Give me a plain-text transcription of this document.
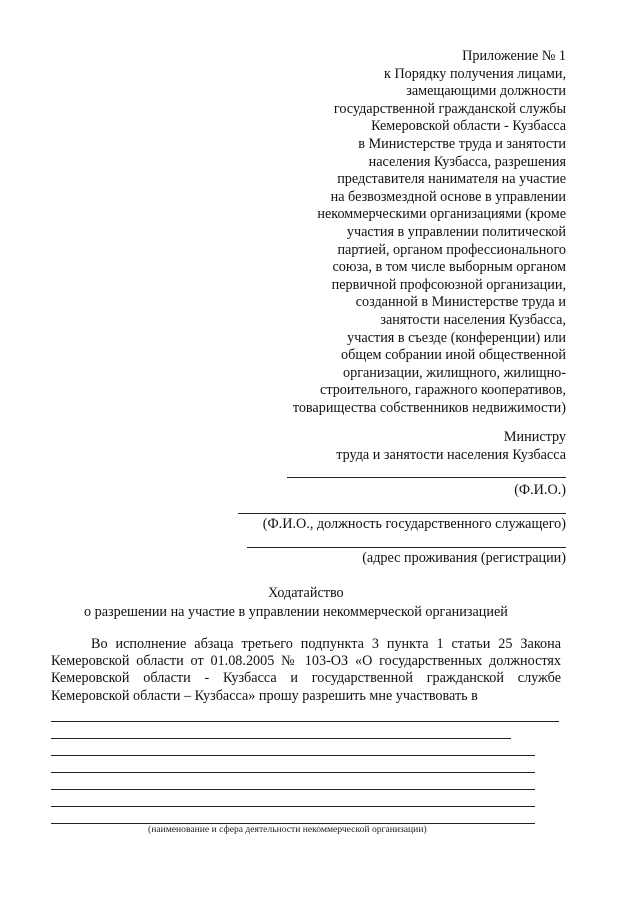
Приложение № 1
к Порядку получения лицами,
замещающими должности
государственной гражданской службы
Кемеровской области - Кузбасса
в Министерстве труда и занятости
населения Кузбасса, разрешения
представителя нанимателя на участие
на безвозмездной основе в управлении
некоммерческими организациями (кроме
участия в управлении политической
партией, органом профессионального
союза, в том числе выборным органом
первичной профсоюзной организации,
созданной в Министерстве труда и
занятости населения Кузбасса,
участия в съезде (конференции) или
общем собрании иной общественной
организации, жилищного, жилищно-
строительного, гаражного кооперативов,
товарищества собственников недвижимости)
Министру
труда и занятости населения Кузбасса
(Ф.И.О.)
(Ф.И.О., должность государственного служащего)
(адрес проживания (регистрации)
Ходатайство
о разрешении на участие в управлении некоммерческой организацией
Во исполнение абзаца третьего подпункта 3 пункта 1 статьи 25 Закона Кемеровской области от 01.08.2005 № 103-ОЗ «О государственных должностях Кемеровской области - Кузбасса и государственной гражданской службе Кемеровской области – Кузбасса» прошу разрешить мне участвовать в
(наименование и сфера деятельности некоммерческой организации)
